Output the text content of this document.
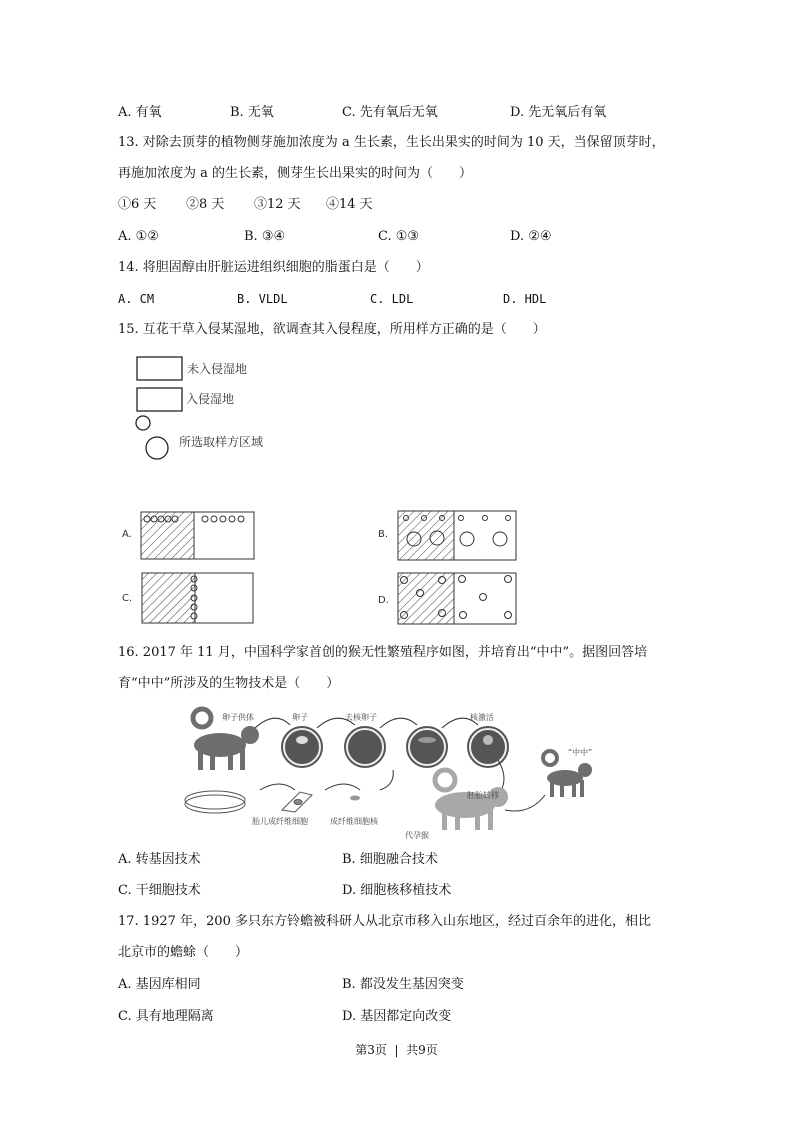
A. 有氧	B. 无氧	C. 先有氧后无氧	D. 先无氧后有氧
13. 对除去顶芽的植物侧芽施加浓度为 a 生长素，生长出果实的时间为 10 天，当保留顶芽时，
再施加浓度为 a 的生长素，侧芽生长出果实的时间为（　　）
①6 天 ②8 天 ③12 天 ④14 天
A. ①②	B. ③④	C. ①③	D. ②④
14. 将胆固醇由肝脏运进组织细胞的脂蛋白是（　　）
A. CM	B. VLDL	C. LDL	D. HDL
15. 互花干草入侵某湿地，欲调查其入侵程度，所用样方正确的是（　　）
未入侵湿地
入侵湿地
所选取样方区域
A.	B.
C.	D.
16. 2017 年 11 月，中国科学家首创的猴无性繁殖程序如图，并培育出“中中”。据图回答培
育“中中”所涉及的生物技术是（　　）
卵子供体	卵子	去核卵子	核激活
胎儿成纤维细胞	成纤维细胞核
胚胎转移
代孕猴
“中中”
A. 转基因技术	B. 细胞融合技术
C. 干细胞技术	D. 细胞核移植技术
17. 1927 年，200 多只东方铃蟾被科研人从北京市移入山东地区，经过百余年的进化，相比
北京市的蟾蜍（　　）
A. 基因库相同	B. 都没发生基因突变
C. 具有地理隔离	D. 基因都定向改变
第3页  |  共9页
